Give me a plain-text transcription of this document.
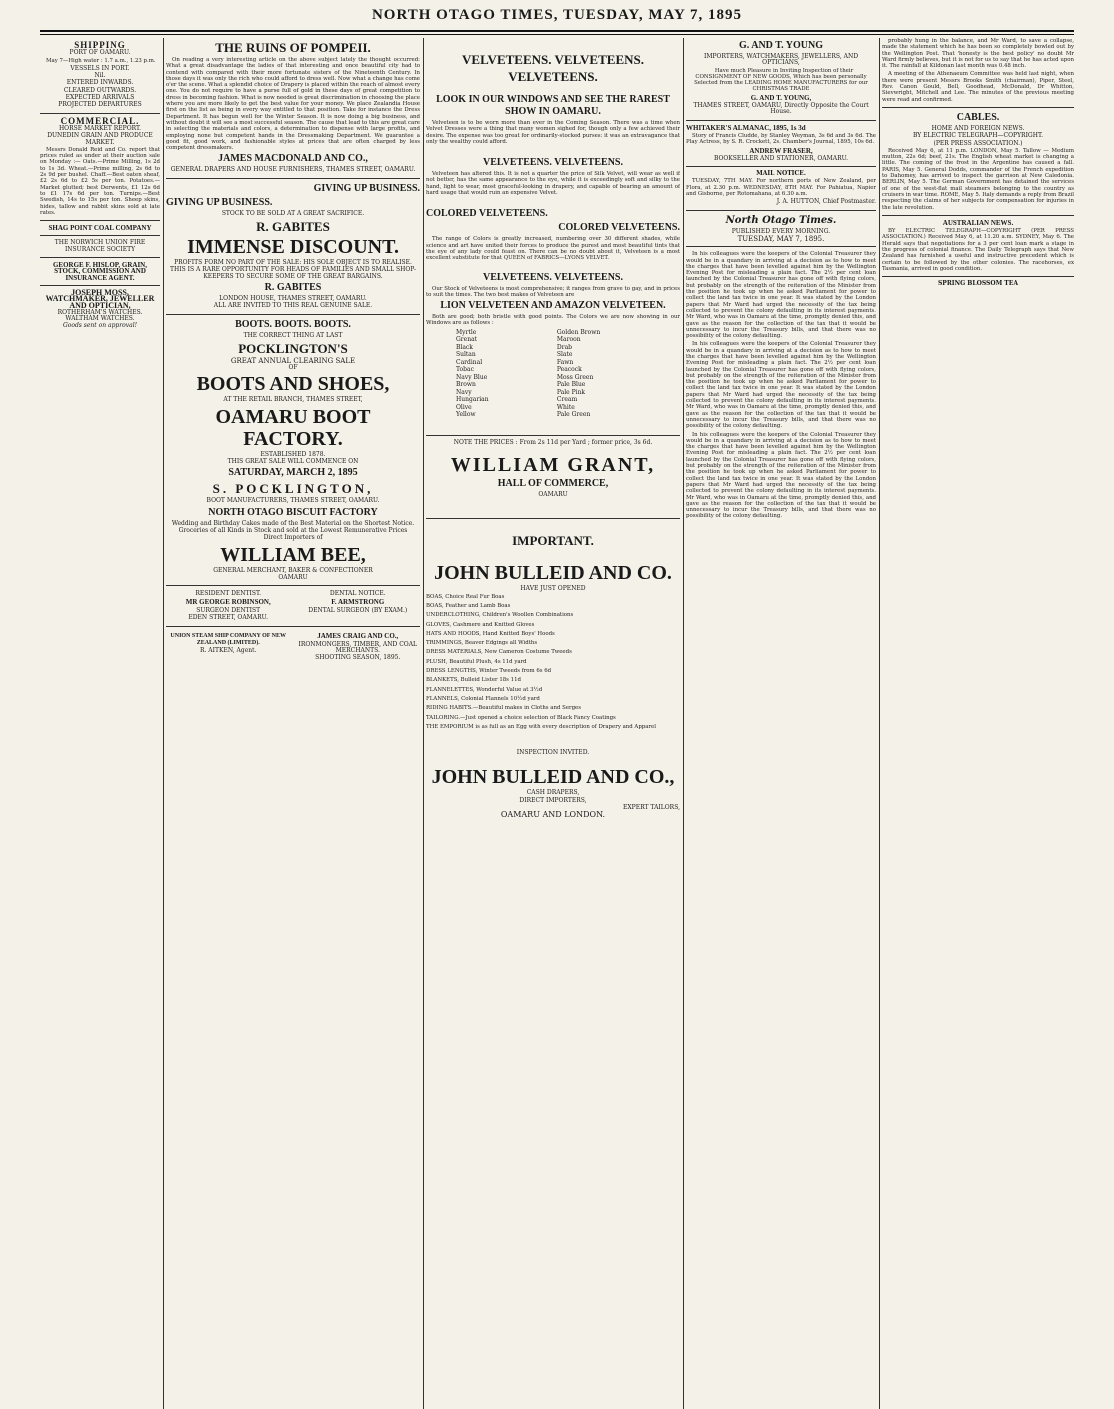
NORTH OTAGO TIMES, TUESDAY, MAY 7, 1895
SHIPPING
PORT OF OAMARU.

May 7—High water : 1.7 a.m., 1.23 p.m.

VESSELS IN PORT.
Nil.
ENTERED INWARDS.
CLEARED OUTWARDS.
EXPECTED ARRIVALS
PROJECTED DEPARTURES
COMMERCIAL.
HORSE MARKET REPORT.
DUNEDIN GRAIN AND PRODUCE MARKET.

Messrs Donald Reid and Co. report that prices ruled as under at their auction sale on Monday :— Oats.—Prime Milling, 1s 2d to 1s 3d. Wheat.—Prime milling, 2s 6d to 2s 9d per bushel. Chaff.—Best oaten sheaf, £2 2s 6d to £2 5s per ton. Potatoes.—Market glutted; best Derwents, £1 12s 6d to £1 17s 6d per ton. Turnips.—Best Swedish, 14s to 15s per ton. Sheep skins, hides, tallow and rabbit skins sold at late rates.

SHAG POINT COAL COMPANY
THE NORWICH UNION FIRE INSURANCE SOCIETY
GEORGE F. HISLOP, GRAIN, STOCK, COMMISSION AND INSURANCE AGENT.
JOSEPH MOSS, WATCHMAKER, JEWELLER AND OPTICIAN,
ROTHERHAM'S WATCHES. WALTHAM WATCHES.
Goods sent on approval!
THE RUINS OF POMPEII.

On reading a very interesting article on the above subject lately the thought occurred: What a great disadvantage the ladies of that interesting and once beautiful city had to contend with compared with their more fortunate sisters of the Nineteenth Century. In those days it was only the rich who could afford to dress well. Now what a change has come o'er the scene. What a splendid choice of Drapery is placed within the reach of almost every one. You do not require to have a purse full of gold in these days of great competition to dress in becoming fashion. What is now needed is great discrimination in choosing the place where you are more likely to get the best value for your money. We place Zealandia House first on the list as being in every way entitled to that position. Take for instance the Dress Department. It has begun well for the Winter Season. It is now doing a big business, and without doubt it will see a most successful season. The cause that lead to this are great care in selecting the materials and colors, a determination to dispense with large profits, and employing none but competent hands in the Dressmaking Department. We guarantee a good fit, good work, and fashionable styles at prices that are often charged by less competent dressmakers.

JAMES MACDONALD AND CO.,
GENERAL DRAPERS AND HOUSE FURNISHERS, THAMES STREET, OAMARU.
GIVING UP BUSINESS.
GIVING UP BUSINESS.
STOCK TO BE SOLD AT A GREAT SACRIFICE.
R. GABITES
IMMENSE DISCOUNT.
PROFITS FORM NO PART OF THE SALE: HIS SOLE OBJECT IS TO REALISE.
THIS IS A RARE OPPORTUNITY FOR HEADS OF FAMILIES AND SMALL SHOP-KEEPERS TO SECURE SOME OF THE GREAT BARGAINS.
R. GABITES
LONDON HOUSE, THAMES STREET, OAMARU.
ALL ARE INVITED TO THIS REAL GENUINE SALE.
BOOTS. BOOTS. BOOTS.
THE CORRECT THING AT LAST
POCKLINGTON'S
GREAT ANNUAL CLEARING SALE
OF
BOOTS AND SHOES,
AT THE RETAIL BRANCH, THAMES STREET,
OAMARU BOOT FACTORY.
ESTABLISHED 1878.
THIS GREAT SALE WILL COMMENCE ON
SATURDAY, MARCH 2, 1895
S. POCKLINGTON,
BOOT MANUFACTURERS, THAMES STREET, OAMARU.
NORTH OTAGO BISCUIT FACTORY
Wedding and Birthday Cakes made of the Best Material on the Shortest Notice.
Groceries of all Kinds in Stock and sold at the Lowest Remunerative Prices
Direct Importers of
WILLIAM BEE,
GENERAL MERCHANT, BAKER & CONFECTIONER
OAMARU
RESIDENT DENTIST.
MR GEORGE ROBINSON,
SURGEON DENTIST
EDEN STREET, OAMARU.
DENTAL NOTICE.
F. ARMSTRONG
DENTAL SURGEON (BY EXAM.)
UNION STEAM SHIP COMPANY OF NEW ZEALAND (LIMITED).
R. AITKEN, Agent.
JAMES CRAIG AND CO.,
IRONMONGERS, TIMBER, AND COAL MERCHANTS.
SHOOTING SEASON, 1895.
VELVETEENS. VELVETEENS.
VELVETEENS.
LOOK IN OUR WINDOWS AND SEE THE RAREST SHOW IN OAMARU.

Velveteen is to be worn more than ever in the Coming Season. There was a time when Velvet Dresses were a thing that many women sighed for, though only a few achieved their desire. The expense was too great for ordinarily-stocked purses: it was an extravagance that only the wealthy could afford.

VELVETEENS. VELVETEENS.

Velveteen has altered this. It is not a quarter the price of Silk Velvet, will wear as well if not better, has the same appearance to the eye, while it is exceedingly soft and silky to the hand, light to wear, most graceful-looking in drapery, and capable of bearing an amount of hard usage that would ruin an expensive Velvet.

COLORED VELVETEENS.
COLORED VELVETEENS.

The range of Colors is greatly increased, numbering over 30 different shades, while science and art have united their forces to produce the purest and most beautiful tints that the eye of any lady could feast on. There can be no doubt about it, Velveteen is a most excellent substitute for that QUEEN of FABRICS—LYONS VELVET.

VELVETEENS. VELVETEENS.

Our Stock of Velveteens is most comprehensive; it ranges from grave to gay, and in prices to suit the times. The two best makes of Velveteen are

LION VELVETEEN AND AMAZON VELVETEEN.

Both are good; both bristle with good points. The Colors we are now showing in our Windows are as follows :

Myrtle
Grenat
Black
Sultan
Cardinal
Tobac
Navy Blue
Brown
Navy
Hungarian
Olive
Yellow
Golden Brown
Maroon
Drab
Slate
Fawn
Peacock
Moss Green
Pale Blue
Pale Pink
Cream
White
Pale Green
NOTE THE PRICES : From 2s 11d per Yard ; former price, 3s 6d.
WILLIAM GRANT,
HALL OF COMMERCE,
OAMARU
IMPORTANT.
JOHN BULLEID AND CO.
HAVE JUST OPENED

BOAS, Choice Real Fur Boas

BOAS, Feather and Lamb Boas

UNDERCLOTHING, Children's Woollen Combinations

GLOVES, Cashmere and Knitted Gloves

HATS AND HOODS, Hand Knitted Boys' Hoods

TRIMMINGS, Beaver Edgings all Widths

DRESS MATERIALS, New Cameron Costume Tweeds

PLUSH, Beautiful Plush, 4s 11d yard

DRESS LENGTHS, Winter Tweeds from 6s 6d

BLANKETS, Bulleid Lister 18s 11d

FLANNELETTES, Wonderful Value at 3½d

FLANNELS, Colonial Flannels 10½d yard

RIDING HABITS.—Beautiful makes in Cloths and Serges

TAILORING.—Just opened a choice selection of Black Fancy Coatings

THE EMPORIUM is as full as an Egg with every description of Drapery and Apparel

INSPECTION INVITED.
JOHN BULLEID AND CO.,
CASH DRAPERS,
DIRECT IMPORTERS,
EXPERT TAILORS,
OAMARU AND LONDON.
G. AND T. YOUNG
IMPORTERS, WATCHMAKERS, JEWELLERS, AND OPTICIANS,

Have much Pleasure in Inviting Inspection of their CONSIGNMENT OF NEW GOODS, Which has been personally Selected from the LEADING HOME MANUFACTURERS for our CHRISTMAS TRADE

G. AND T. YOUNG,
THAMES STREET, OAMARU, Directly Opposite the Court House.
WHITAKER'S ALMANAC, 1895, 1s 3d

Story of Francis Cludde, by Stanley Weyman, 3s 6d and 3s 6d. The Play Actress, by S. R. Crockett, 2s. Chamber's Journal, 1895, 10s 6d.

ANDREW FRASER,
BOOKSELLER AND STATIONER, OAMARU.
MAIL NOTICE.

TUESDAY, 7TH MAY. For northern ports of New Zealand, per Flora, at 2.30 p.m. WEDNESDAY, 8TH MAY. For Pahiatua, Napier and Gisborne, per Rotomahana, at 6.30 a.m.

J. A. HUTTON, Chief Postmaster.
North Otago Times.
PUBLISHED EVERY MORNING.
TUESDAY, MAY 7, 1895.

In his colleagues were the keepers of the Colonial Treasurer they would be in a quandary in arriving at a decision as to how to meet the charges that have been levelled against him by the Wellington Evening Post for misleading a plain fact. The 2½ per cent loan launched by the Colonial Treasurer has gone off with flying colors, but probably on the strength of the reiteration of the Minister from the position he took up when he asked Parliament for power to collect the land tax twice in one year. It was stated by the London papers that Mr Ward had urged the necessity of the tax being collected to prevent the colony defaulting in its interest payments. Mr Ward, who was in Oamaru at the time, promptly denied this, and gave as the reason for the collection of the tax that it would be unnecessary to incur the Treasury bills, and that there was no possibility of the colony defaulting.

In his colleagues were the keepers of the Colonial Treasurer they would be in a quandary in arriving at a decision as to how to meet the charges that have been levelled against him by the Wellington Evening Post for misleading a plain fact. The 2½ per cent loan launched by the Colonial Treasurer has gone off with flying colors, but probably on the strength of the reiteration of the Minister from the position he took up when he asked Parliament for power to collect the land tax twice in one year. It was stated by the London papers that Mr Ward had urged the necessity of the tax being collected to prevent the colony defaulting in its interest payments. Mr Ward, who was in Oamaru at the time, promptly denied this, and gave as the reason for the collection of the tax that it would be unnecessary to incur the Treasury bills, and that there was no possibility of the colony defaulting.

In his colleagues were the keepers of the Colonial Treasurer they would be in a quandary in arriving at a decision as to how to meet the charges that have been levelled against him by the Wellington Evening Post for misleading a plain fact. The 2½ per cent loan launched by the Colonial Treasurer has gone off with flying colors, but probably on the strength of the reiteration of the Minister from the position he took up when he asked Parliament for power to collect the land tax twice in one year. It was stated by the London papers that Mr Ward had urged the necessity of the tax being collected to prevent the colony defaulting in its interest payments. Mr Ward, who was in Oamaru at the time, promptly denied this, and gave as the reason for the collection of the tax that it would be unnecessary to incur the Treasury bills, and that there was no possibility of the colony defaulting.

probably hung in the balance, and Mr Ward, to save a collapse, made the statement which he has been so completely bowled out by the Wellington Post. That 'honesty is the best policy' no doubt Mr Ward firmly believes, but it is not for us to say that he has acted upon it. The rainfall at Kildonan last month was 0.48 inch.

A meeting of the Athenaeum Committee was held last night, when there were present Messrs Brooks Smith (chairman), Piper, Steel, Rev. Canon Gould, Bell, Goodhead, McDonald, Dr Whitton, Sievwright, Mitchell and Lee. The minutes of the previous meeting were read and confirmed.

CABLES.
HOME AND FOREIGN NEWS.
BY ELECTRIC TELEGRAPH—COPYRIGHT.
(PER PRESS ASSOCIATION.)

Received May 6, at 11 p.m. LONDON, May 5. Tallow — Medium mutton, 22s 6d; beef, 21s. The English wheat market is changing a little. The coming of the frost in the Argentine has caused a fall. PARIS, May 5. General Dodds, commander of the French expedition to Dahomey, has arrived to inspect the garrison at New Caledonia. BERLIN, May 5. The German Government has detained the services of one of the west-flat mail steamers belonging to the country as cruisers in war time. ROME, May 5. Italy demands a reply from Brazil respecting the claims of her subjects for compensation for injuries in the late revolution.

AUSTRALIAN NEWS.

BY ELECTRIC TELEGRAPH—COPYRIGHT (PER PRESS ASSOCIATION.) Received May 6, at 11.20 a.m. SYDNEY, May 6. The Herald says that negotiations for a 3 per cent loan mark a stage in the progress of colonial finance. The Daily Telegraph says that New Zealand has furnished a useful and instructive precedent which is certain to be followed by the other colonies. The racehorses, ex Tasmania, arrived in good condition.

SPRING BLOSSOM TEA
